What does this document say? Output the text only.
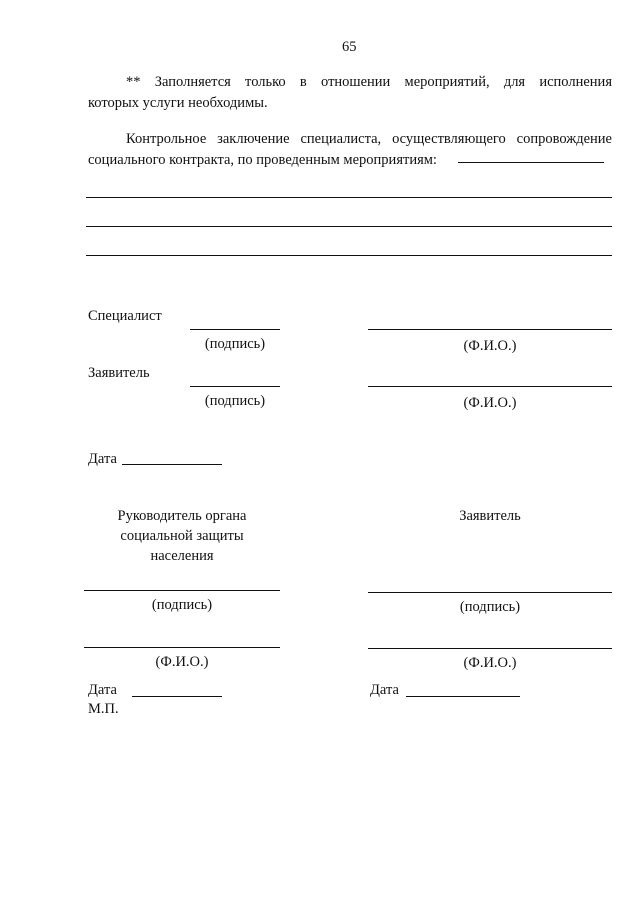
65
** Заполняется только в отношении мероприятий, для исполнения
которых услуги необходимы.
Контрольное заключение специалиста, осуществляющего сопровождение
социального контракта, по проведенным мероприятиям:
Специалист
(подпись)	(Ф.И.О.)
Заявитель
(подпись)	(Ф.И.О.)
Дата
Руководитель органа
социальной защиты
населения
Заявитель
(подпись)	(подпись)
(Ф.И.О.)	(Ф.И.О.)
Дата	Дата
М.П.
